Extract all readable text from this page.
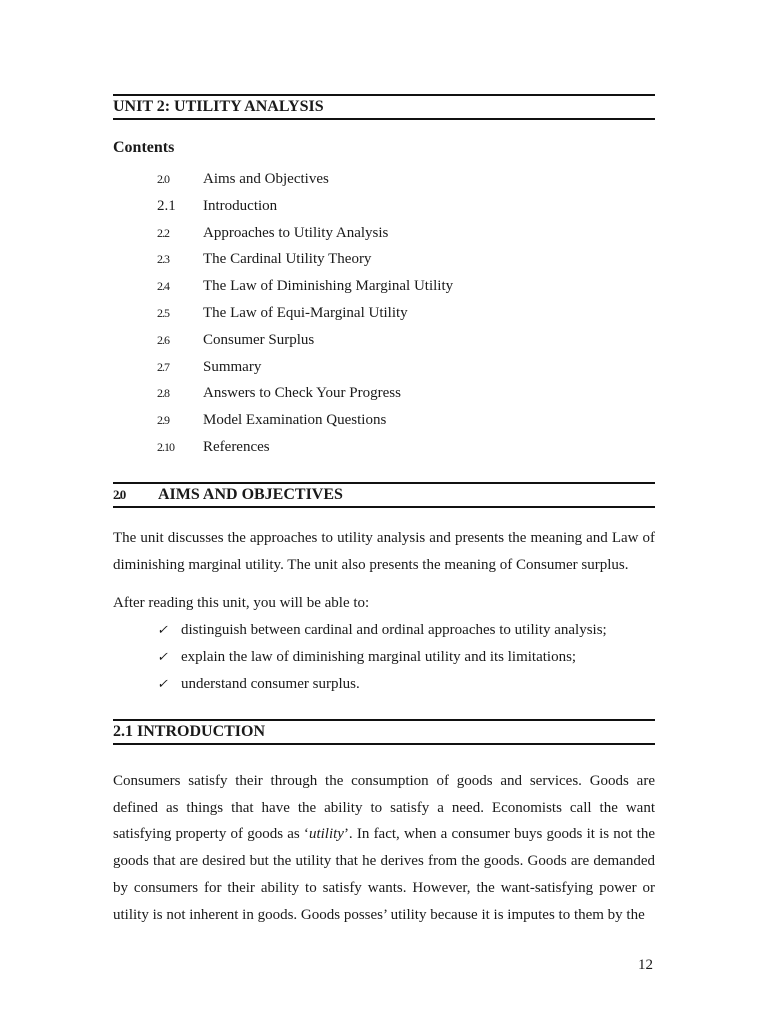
UNIT 2: UTILITY ANALYSIS
Contents
2.0	Aims and Objectives
2.1	Introduction
2.2	Approaches to Utility Analysis
2.3	The Cardinal Utility Theory
2.4	The Law of Diminishing Marginal Utility
2.5	The Law of Equi-Marginal Utility
2.6	Consumer Surplus
2.7	Summary
2.8	Answers to Check Your Progress
2.9	Model Examination Questions
2.10	References
2.0 AIMS AND OBJECTIVES
The unit discusses the approaches to utility analysis and presents the meaning and Law of diminishing marginal utility. The unit also presents the meaning of Consumer surplus.
After reading this unit, you will be able to:
✓ distinguish between cardinal and ordinal approaches to utility analysis;
✓ explain the law of diminishing marginal utility and its limitations;
✓ understand consumer surplus.
2.1 INTRODUCTION
Consumers satisfy their through the consumption of goods and services. Goods are defined as things that have the ability to satisfy a need. Economists call the want satisfying property of goods as ‘utility’. In fact, when a consumer buys goods it is not the goods that are desired but the utility that he derives from the goods. Goods are demanded by consumers for their ability to satisfy wants. However, the want-satisfying power or utility is not inherent in goods. Goods posses’ utility because it is imputes to them by the
12
